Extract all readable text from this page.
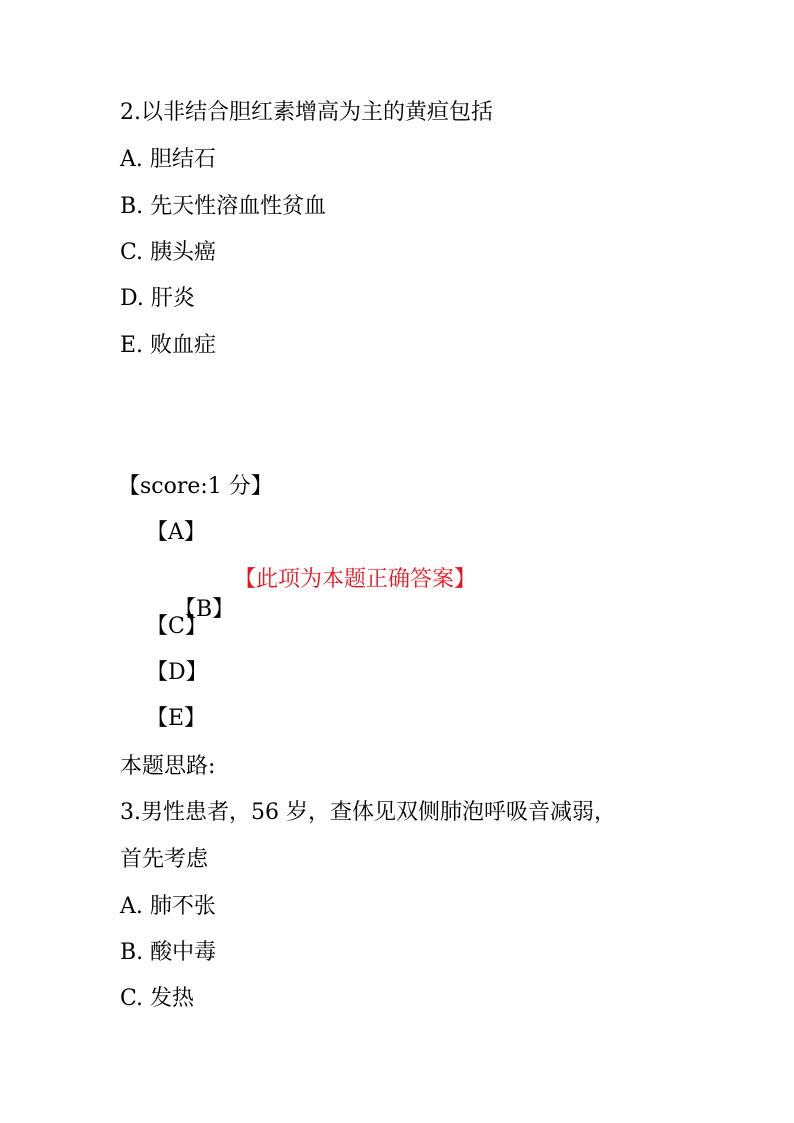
2.以非结合胆红素增高为主的黄疸包括
A. 胆结石
B. 先天性溶血性贫血
C. 胰头癌
D. 肝炎
E. 败血症
【score:1 分】
【A】

【B】

【此项为本题正确答案】
【C】
【D】
【E】
本题思路:
3.男性患者，56 岁，查体见双侧肺泡呼吸音减弱，
首先考虑
A. 肺不张
B. 酸中毒
C. 发热
